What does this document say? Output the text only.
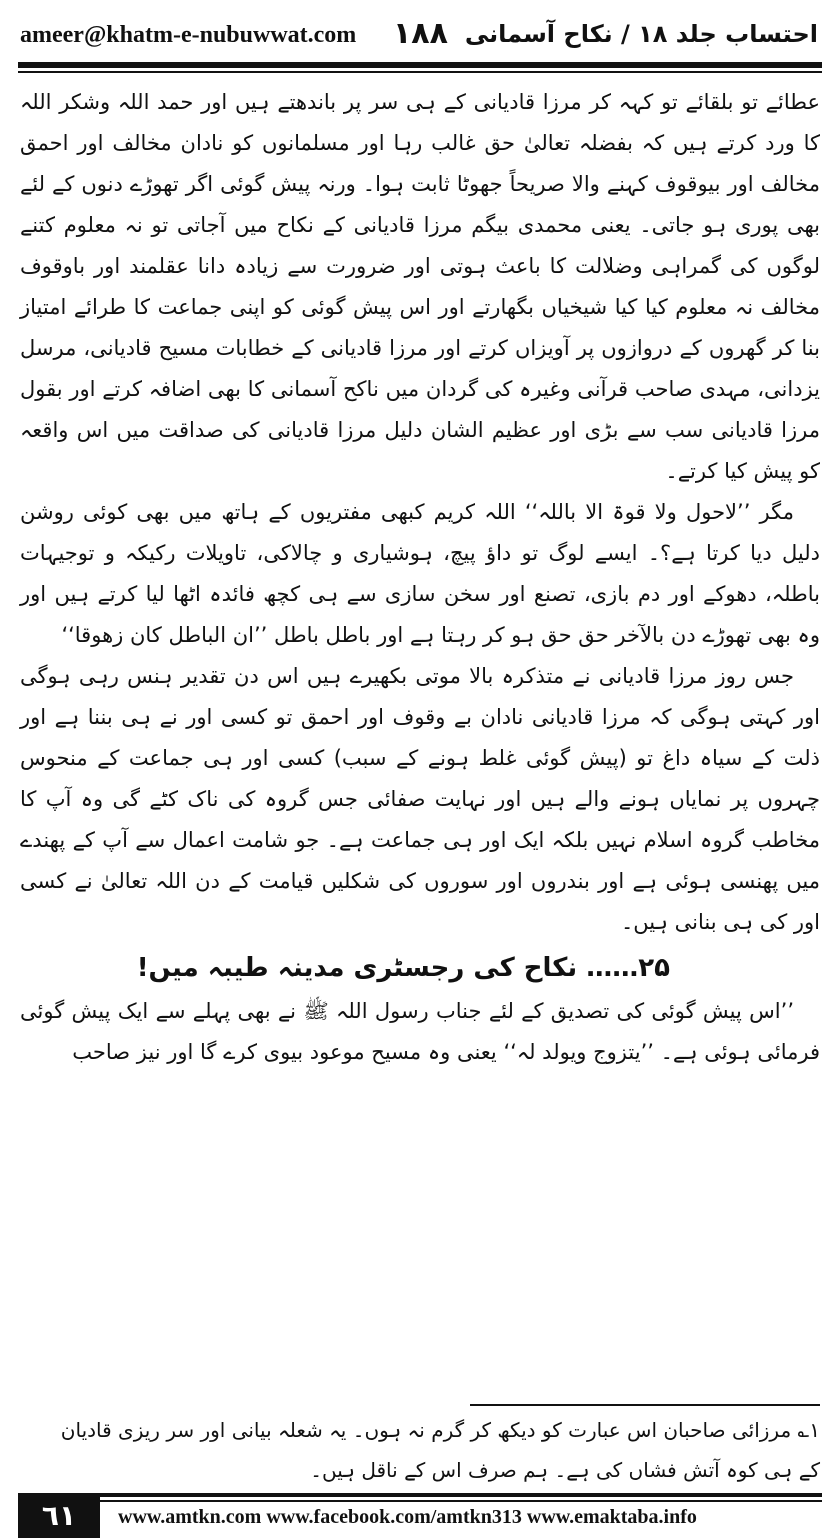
ameer@khatm-e-nubuwwat.com ۱۸۸ احتساب جلد ۱۸ / نکاح آسمانی

عطائے تو بلقائے تو کہہ کر مرزا قادیانی کے ہی سر پر باندھتے ہیں اور حمد اللہ وشکر اللہ کا ورد کرتے ہیں کہ بفضلہ تعالیٰ حق غالب رہا اور مسلمانوں کو نادان مخالف اور احمق مخالف اور بیوقوف کہنے والا صریحاً جھوٹا ثابت ہوا۔ ورنہ پیش گوئی اگر تھوڑے دنوں کے لئے بھی پوری ہو جاتی۔ یعنی محمدی بیگم مرزا قادیانی کے نکاح میں آجاتی تو نہ معلوم کتنے لوگوں کی گمراہی وضلالت کا باعث ہوتی اور ضرورت سے زیادہ دانا عقلمند اور باوقوف مخالف نہ معلوم کیا کیا شیخیاں بگھارتے اور اس پیش گوئی کو اپنی جماعت کا طرائے امتیاز بنا کر گھروں کے دروازوں پر آویزاں کرتے اور مرزا قادیانی کے خطابات مسیح قادیانی، مرسل یزدانی، مہدی صاحب قرآنی وغیرہ کی گردان میں ناکح آسمانی کا بھی اضافہ کرتے اور بقول مرزا قادیانی سب سے بڑی اور عظیم الشان دلیل مرزا قادیانی کی صداقت میں اس واقعہ کو پیش کیا کرتے۔

مگر ’’لاحول ولا قوۃ الا باللہ‘‘ اللہ کریم کبھی مفتریوں کے ہاتھ میں بھی کوئی روشن دلیل دیا کرتا ہے؟۔ ایسے لوگ تو داؤ پیچ، ہوشیاری و چالاکی، تاویلات رکیکہ و توجیہات باطلہ، دھوکے اور دم بازی، تصنع اور سخن سازی سے ہی کچھ فائدہ اٹھا لیا کرتے ہیں اور وہ بھی تھوڑے دن بالآخر حق حق ہو کر رہتا ہے اور باطل باطل ’’ان الباطل کان زھوقا‘‘

جس روز مرزا قادیانی نے متذکرہ بالا موتی بکھیرے ہیں اس دن تقدیر ہنس رہی ہوگی اور کہتی ہوگی کہ مرزا قادیانی نادان بے وقوف اور احمق تو کسی اور نے ہی بننا ہے اور ذلت کے سیاہ داغ تو (پیش گوئی غلط ہونے کے سبب) کسی اور ہی جماعت کے منحوس چہروں پر نمایاں ہونے والے ہیں اور نہایت صفائی جس گروہ کی ناک کٹے گی وہ آپ کا مخاطب گروہ اسلام نہیں بلکہ ایک اور ہی جماعت ہے۔ جو شامت اعمال سے آپ کے پھندے میں پھنسی ہوئی ہے اور بندروں اور سوروں کی شکلیں قیامت کے دن اللہ تعالیٰ نے کسی اور کی ہی بنانی ہیں۔

۲۵…… نکاح کی رجسٹری مدینہ طیبہ میں!

’’اس پیش گوئی کی تصدیق کے لئے جناب رسول اللہ ﷺ نے بھی پہلے سے ایک پیش گوئی فرمائی ہوئی ہے۔ ’’یتزوج ویولد لہ‘‘ یعنی وہ مسیح موعود بیوی کرے گا اور نیز صاحب

۱؎ مرزائی صاحبان اس عبارت کو دیکھ کر گرم نہ ہوں۔ یہ شعلہ بیانی اور سر ریزی قادیان

کے ہی کوہ آتش فشاں کی ہے۔ ہم صرف اس کے ناقل ہیں۔

٦١	www.amtkn.com www.facebook.com/amtkn313 www.emaktaba.info
